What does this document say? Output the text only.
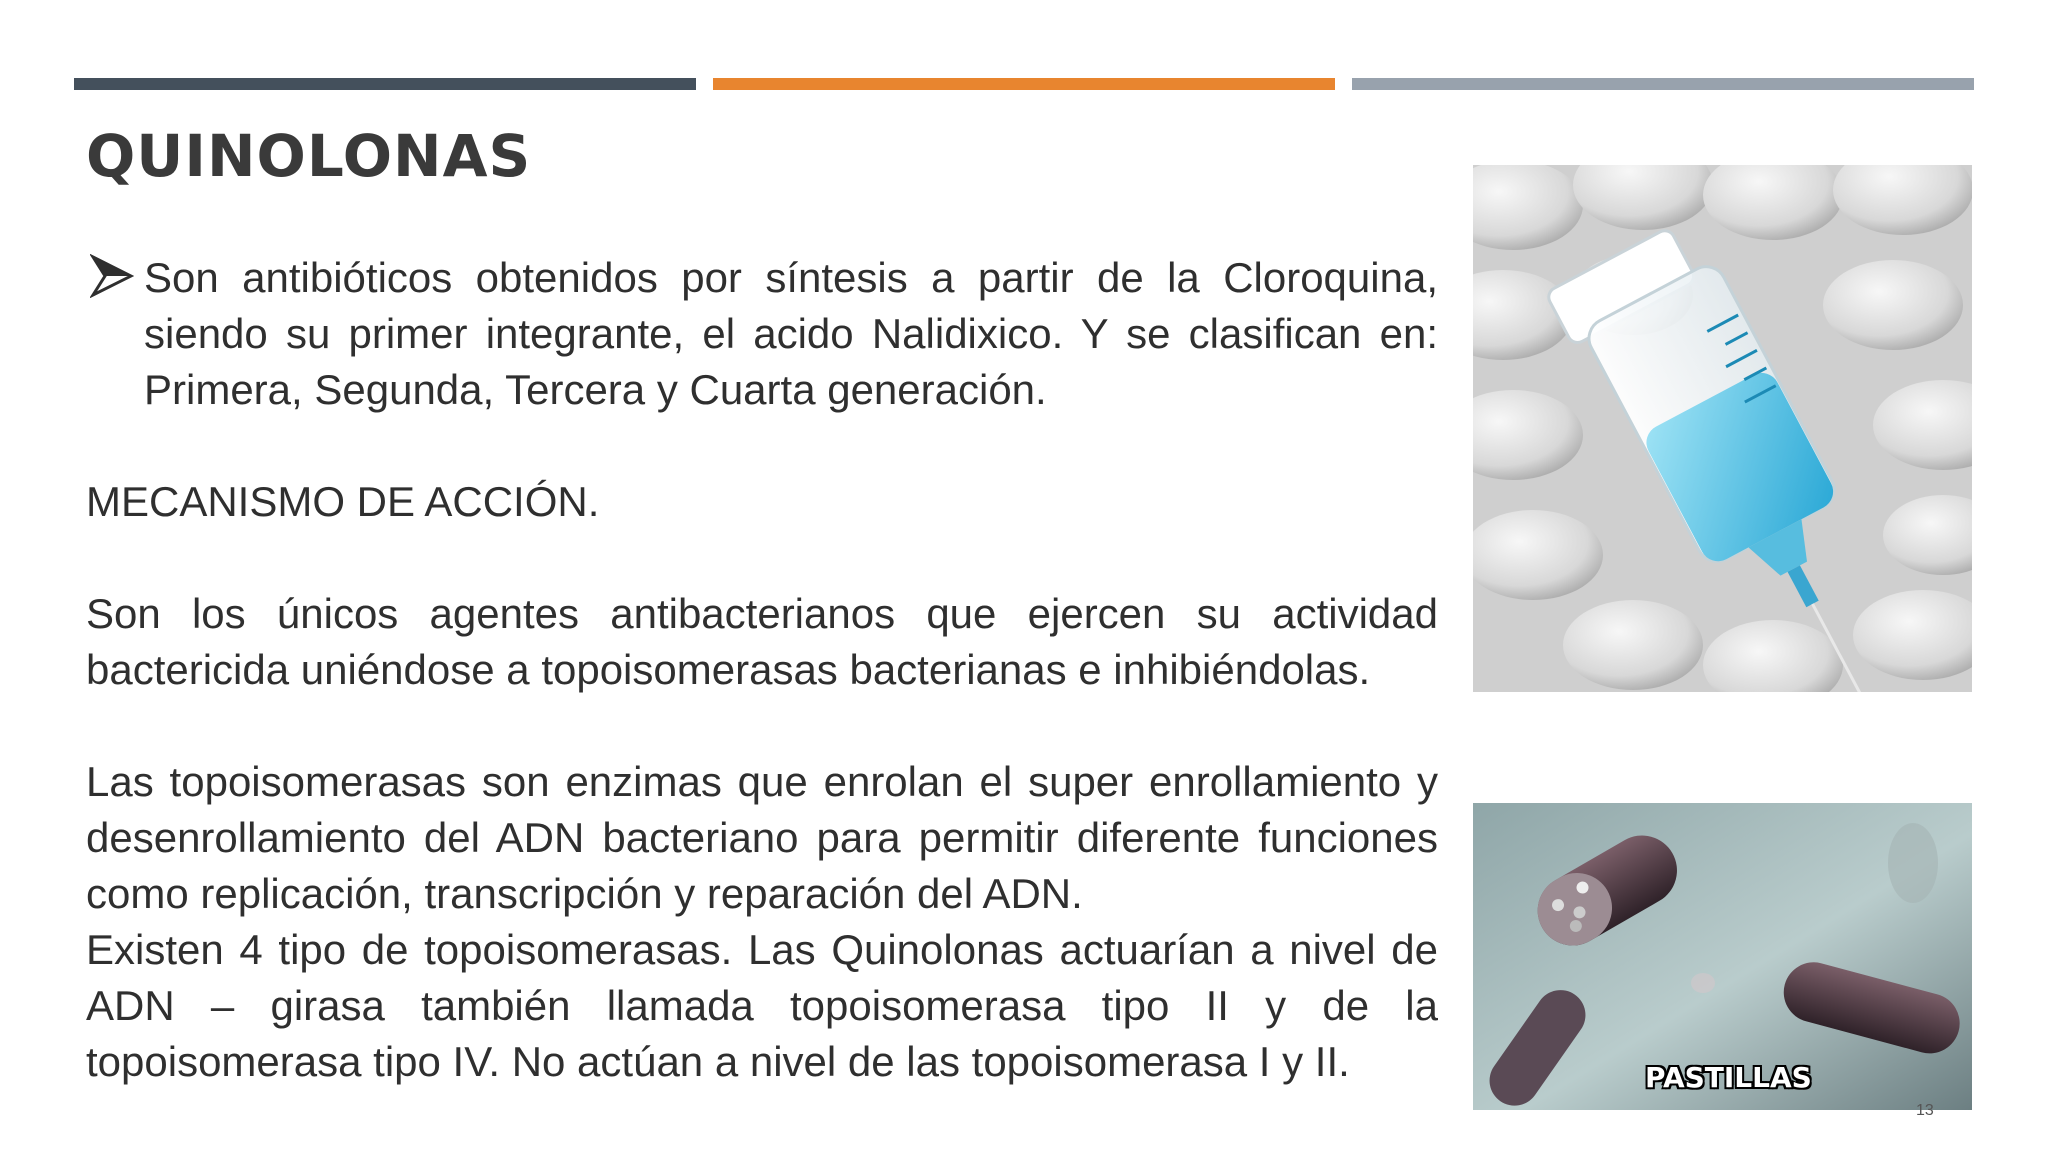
QUINOLONAS

Son antibióticos obtenidos por síntesis a partir de la Cloroquina, siendo su primer integrante, el acido Nalidixico. Y se clasifican en: Primera, Segunda, Tercera y Cuarta generación.

MECANISMO DE ACCIÓN.

Son los únicos agentes antibacterianos que ejercen su actividad bactericida uniéndose a topoisomerasas bacterianas e inhibiéndolas.

Las topoisomerasas son enzimas que enrolan el super enrollamiento y desenrollamiento del ADN bacteriano para permitir diferente funciones como replicación, transcripción y reparación del ADN.

Existen 4 tipo de topoisomerasas. Las Quinolonas actuarían a nivel de ADN – girasa también llamada topoisomerasa tipo II y de la topoisomerasa tipo IV. No actúan a nivel de las topoisomerasa I y II.	PASTILLAS
13
